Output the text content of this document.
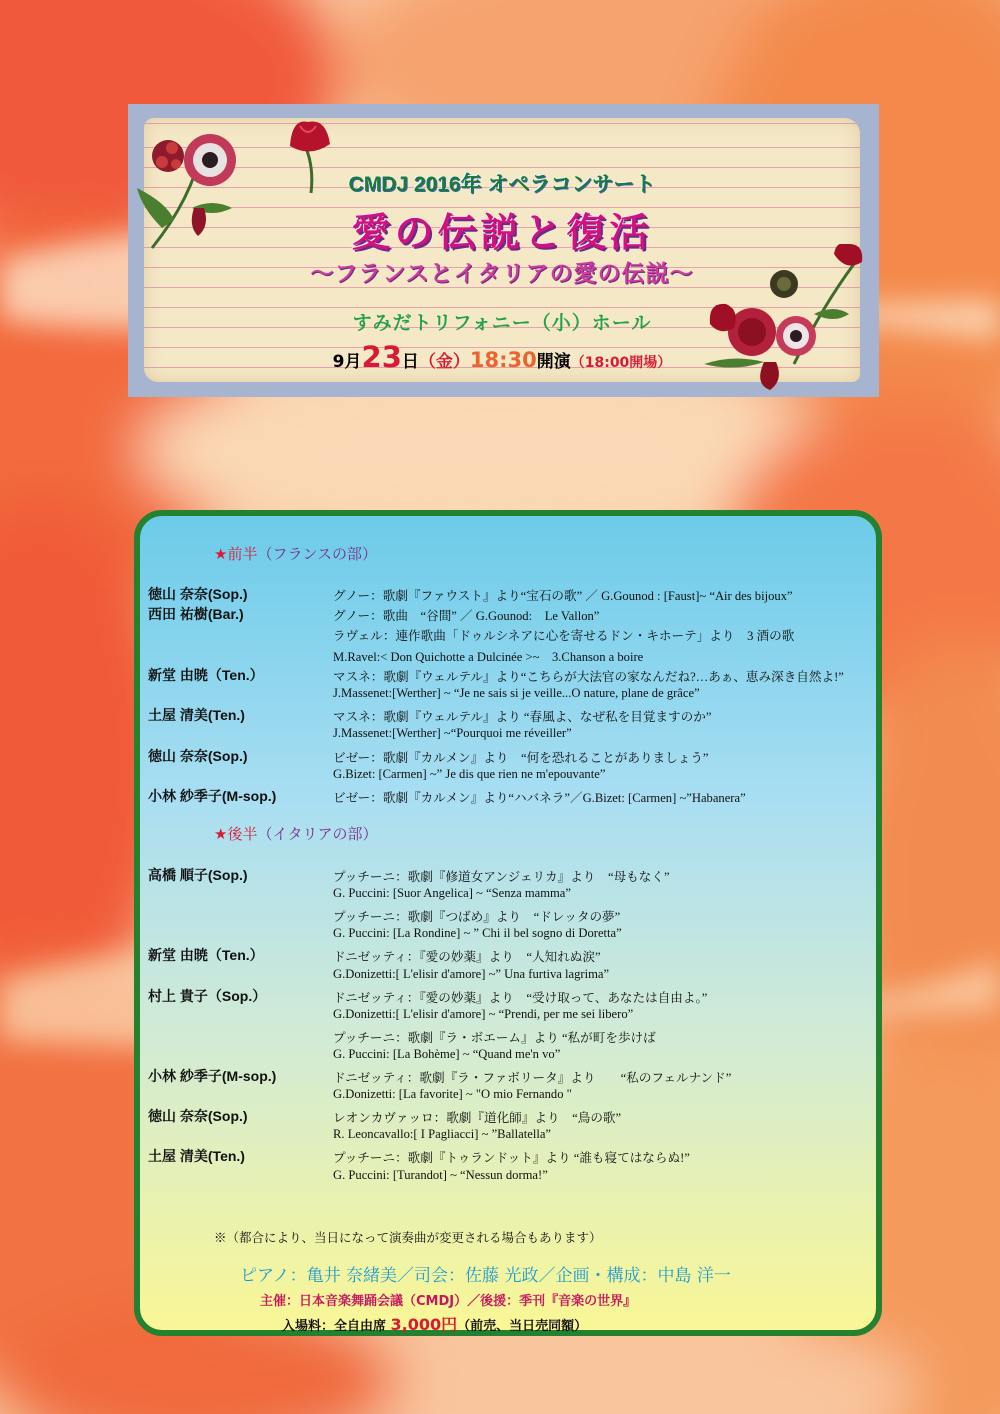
CMDJ 2016年 オペラコンサート
愛の伝説と復活
〜フランスとイタリアの愛の伝説〜
すみだトリフォニー（小）ホール
9月23日（金）18:30開演（18:00開場）
★前半（フランスの部）
徳山 奈奈(Sop.)	グノー：歌劇『ファウスト』より“宝石の歌” ／ G.Gounod : [Faust]~ “Air des bijoux”
西田 祐樹(Bar.)	グノー：歌曲　“谷間” ／ G.Gounod:　Le Vallon”
ラヴェル：連作歌曲「ドゥルシネアに心を寄せるドン・キホーテ」より　3 酒の歌
M.Ravel:< Don Quichotte a Dulcinée >~　3.Chanson a boire
新堂 由暁（Ten.）	マスネ：歌劇『ウェルテル』より“こちらが大法官の家なんだね?…あぁ、恵み深き自然よ!”
J.Massenet:[Werther] ~ “Je ne sais si je veille...O nature, plane de grâce”
土屋 清美(Ten.)	マスネ：歌劇『ウェルテル』より “春風よ、なぜ私を目覚ますのか”
J.Massenet:[Werther] ~“Pourquoi me réveiller”
徳山 奈奈(Sop.)	ビゼー：歌劇『カルメン』より　“何を恐れることがありましょう”
G.Bizet: [Carmen] ~” Je dis que rien ne m'epouvante”
小林 紗季子(M-sop.)	ビゼー：歌劇『カルメン』より“ハバネラ”／G.Bizet: [Carmen] ~”Habanera”
★後半（イタリアの部）
高橋 順子(Sop.)	プッチーニ：歌劇『修道女アンジェリカ』より　“母もなく”
G. Puccini: [Suor Angelica] ~ “Senza mamma”
プッチーニ：歌劇『つばめ』より　“ドレッタの夢”
G. Puccini: [La Rondine] ~ ” Chi il bel sogno di Doretta”
新堂 由暁（Ten.）	ドニゼッティ：『愛の妙薬』より　“人知れぬ涙”
G.Donizetti:[ L'elisir d'amore] ~” Una furtiva lagrima”
村上 貴子（Sop.）	ドニゼッティ：『愛の妙薬』より　“受け取って、あなたは自由よ。”
G.Donizetti:[ L'elisir d'amore] ~ “Prendi, per me sei libero”
プッチーニ：歌劇『ラ・ボエーム』より “私が町を歩けば
G. Puccini: [La Bohème] ~ “Quand me'n vo”
小林 紗季子(M-sop.)	ドニゼッティ：歌劇『ラ・ファボリータ』より　　“私のフェルナンド”
G.Donizetti: [La favorite] ~ "O mio Fernando "
徳山 奈奈(Sop.)	レオンカヴァッロ：歌劇『道化師』より　“鳥の歌”
R. Leoncavallo:[ I Pagliacci] ~ ”Ballatella”
土屋 清美(Ten.)	プッチーニ：歌劇『トゥランドット』より “誰も寝てはならぬ!”
G. Puccini: [Turandot] ~ “Nessun dorma!”
※（都合により、当日になって演奏曲が変更される場合もあります）
ピアノ：亀井 奈緒美／司会：佐藤 光政／企画・構成：中島 洋一
主催：日本音楽舞踊会議（CMDJ）／後援：季刊『音楽の世界』
入場料：全自由席 3,000円（前売、当日売同額）
